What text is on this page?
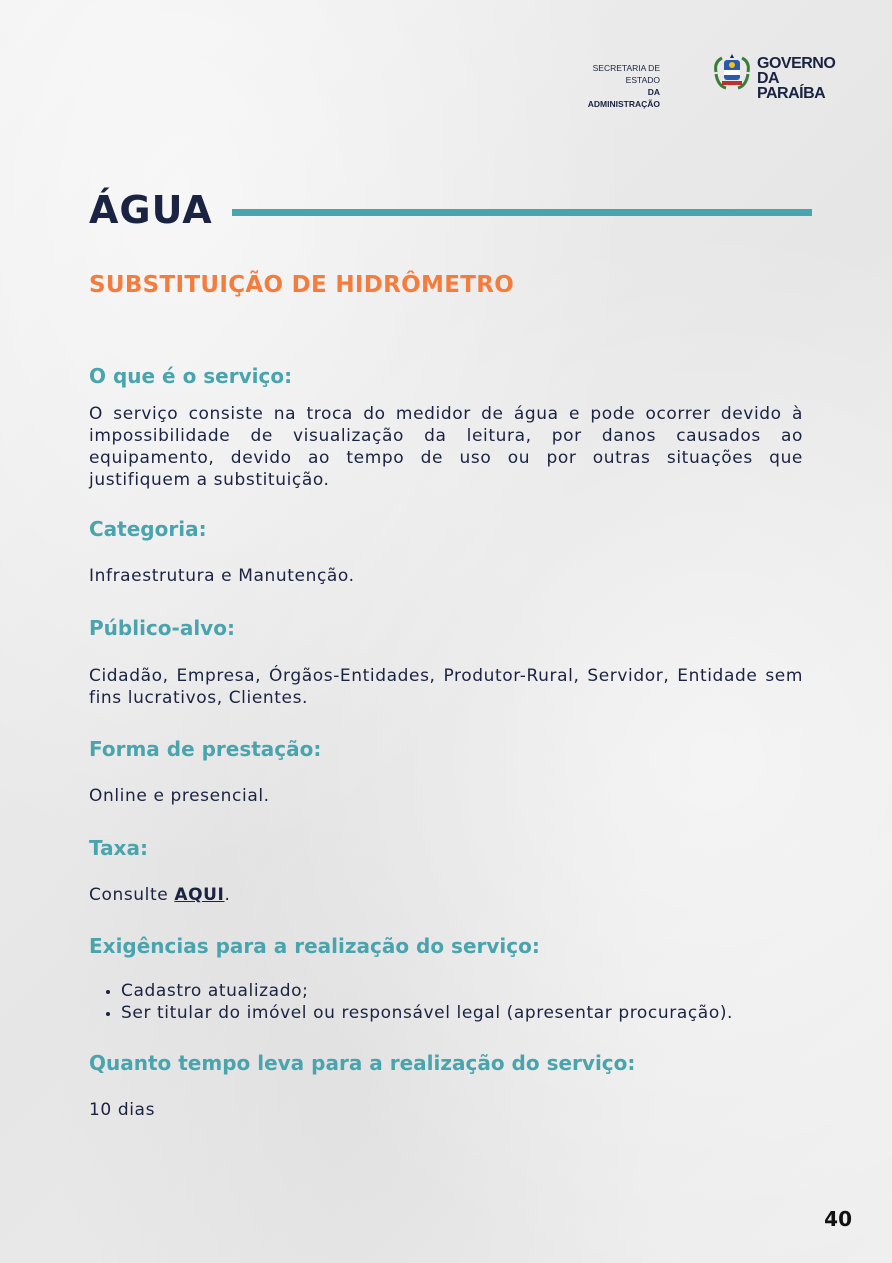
SECRETARIA DE ESTADO
DA ADMINISTRAÇÃO
GOVERNO
DA PARAÍBA
ÁGUA
SUBSTITUIÇÃO DE HIDRÔMETRO
O que é o serviço:

O serviço consiste na troca do medidor de água e pode ocorrer devido à impossibilidade de visualização da leitura, por danos causados ao equipamento, devido ao tempo de uso ou por outras situações que justifiquem a substituição.

Categoria:

Infraestrutura e Manutenção.

Público-alvo:

Cidadão, Empresa, Órgãos-Entidades, Produtor-Rural, Servidor, Entidade sem fins lucrativos, Clientes.

Forma de prestação:

Online e presencial.

Taxa:

Consulte AQUI.

Exigências para a realização do serviço:
• Cadastro atualizado;
• Ser titular do imóvel ou responsável legal (apresentar procuração).
Quanto tempo leva para a realização do serviço:

10 dias

40
